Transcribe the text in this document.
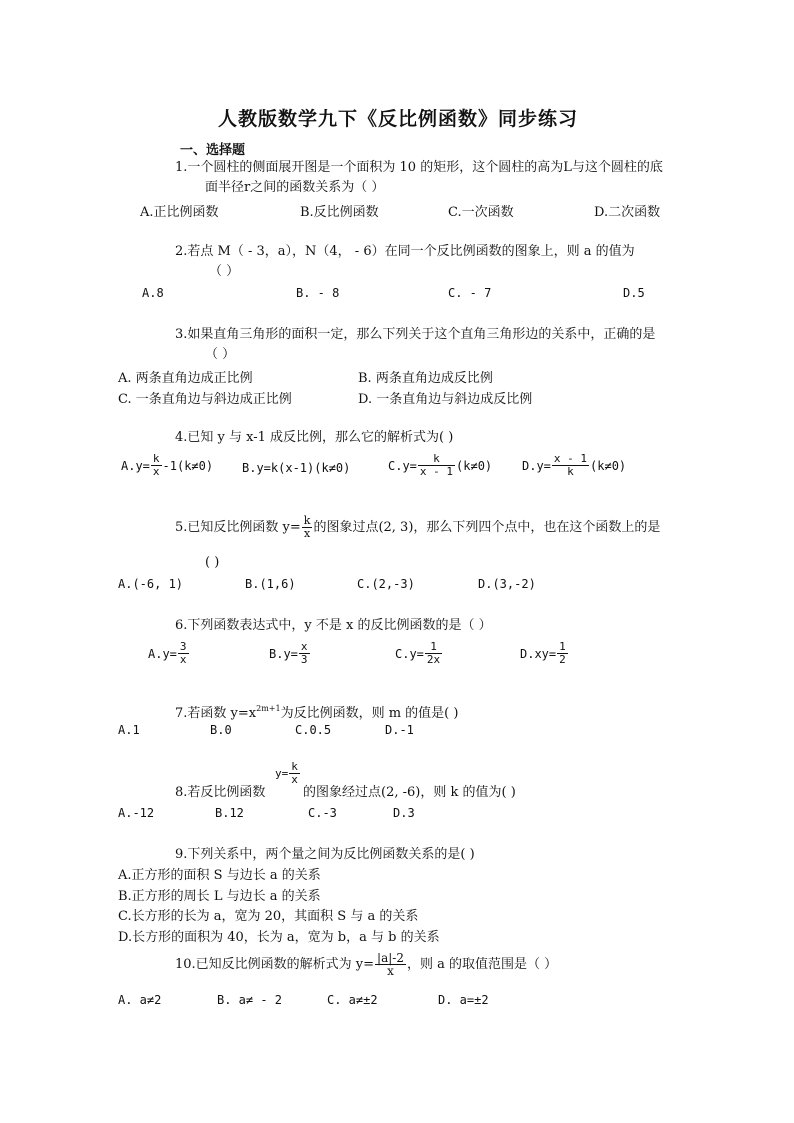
人教版数学九下《反比例函数》同步练习
一、选择题
1.一个圆柱的侧面展开图是一个面积为 10 的矩形，这个圆柱的高为L与这个圆柱的底
面半径r之间的函数关系为（ ）
A.正比例函数	B.反比例函数	C.一次函数	D.二次函数
2.若点 M（ - 3，a），N（4， - 6）在同一个反比例函数的图象上，则 a 的值为
（ ）
A.8	B. - 8	C. - 7	D.5
3.如果直角三角形的面积一定，那么下列关于这个直角三角形边的关系中，正确的是
（ ）
A. 两条直角边成正比例	B. 两条直角边成反比例
C. 一条直角边与斜边成正比例	D. 一条直角边与斜边成反比例
4.已知 y 与 x-1 成反比例，那么它的解析式为( )
$A.y= \frac{k}{x} -1(k\ne 0)$ B.y=k(x-1)(k≠0)	$C.y= \frac{k}{x - 1} (k\ne 0)$ $D.y= \frac{x - 1}{k} (k\ne 0)$
5.已知反比例函数 $y= \frac{k}{x}$ 的图象过点(2, 3)，那么下列四个点中，也在这个函数上的是
( )
A.(-6, 1)	B.(1,6)	C.(2,-3)	D.(3,-2)
6.下列函数表达式中，y 不是 x 的反比例函数的是（ ）
$A.y= \frac{3}{x}$	$B.y= \frac{x}{3}$	$C.y= \frac{1}{2x}$	$D.xy= \frac{1}{2}$
7.若函数 $y=x^{2m+1}$为反比例函数，则 m 的值是( )
A.1	B.0	C.0.5	D.-1
8.若反比例函数
$y= \frac{k}{x}$
的图象经过点(2, -6)，则 k 的值为( )
A.-12	B.12	C.-3	D.3
9.下列关系中，两个量之间为反比例函数关系的是( )
A.正方形的面积 S 与边长 a 的关系
B.正方形的周长 L 与边长 a 的关系
C.长方形的长为 a，宽为 20，其面积 S 与 a 的关系
D.长方形的面积为 40，长为 a，宽为 b，a 与 b 的关系
10.已知反比例函数的解析式为 $y= \frac{|a|-2}{x}$ ，则 a 的取值范围是（ ）
A. a≠2	B. a≠ - 2	C. a≠±2	D. a=±2
